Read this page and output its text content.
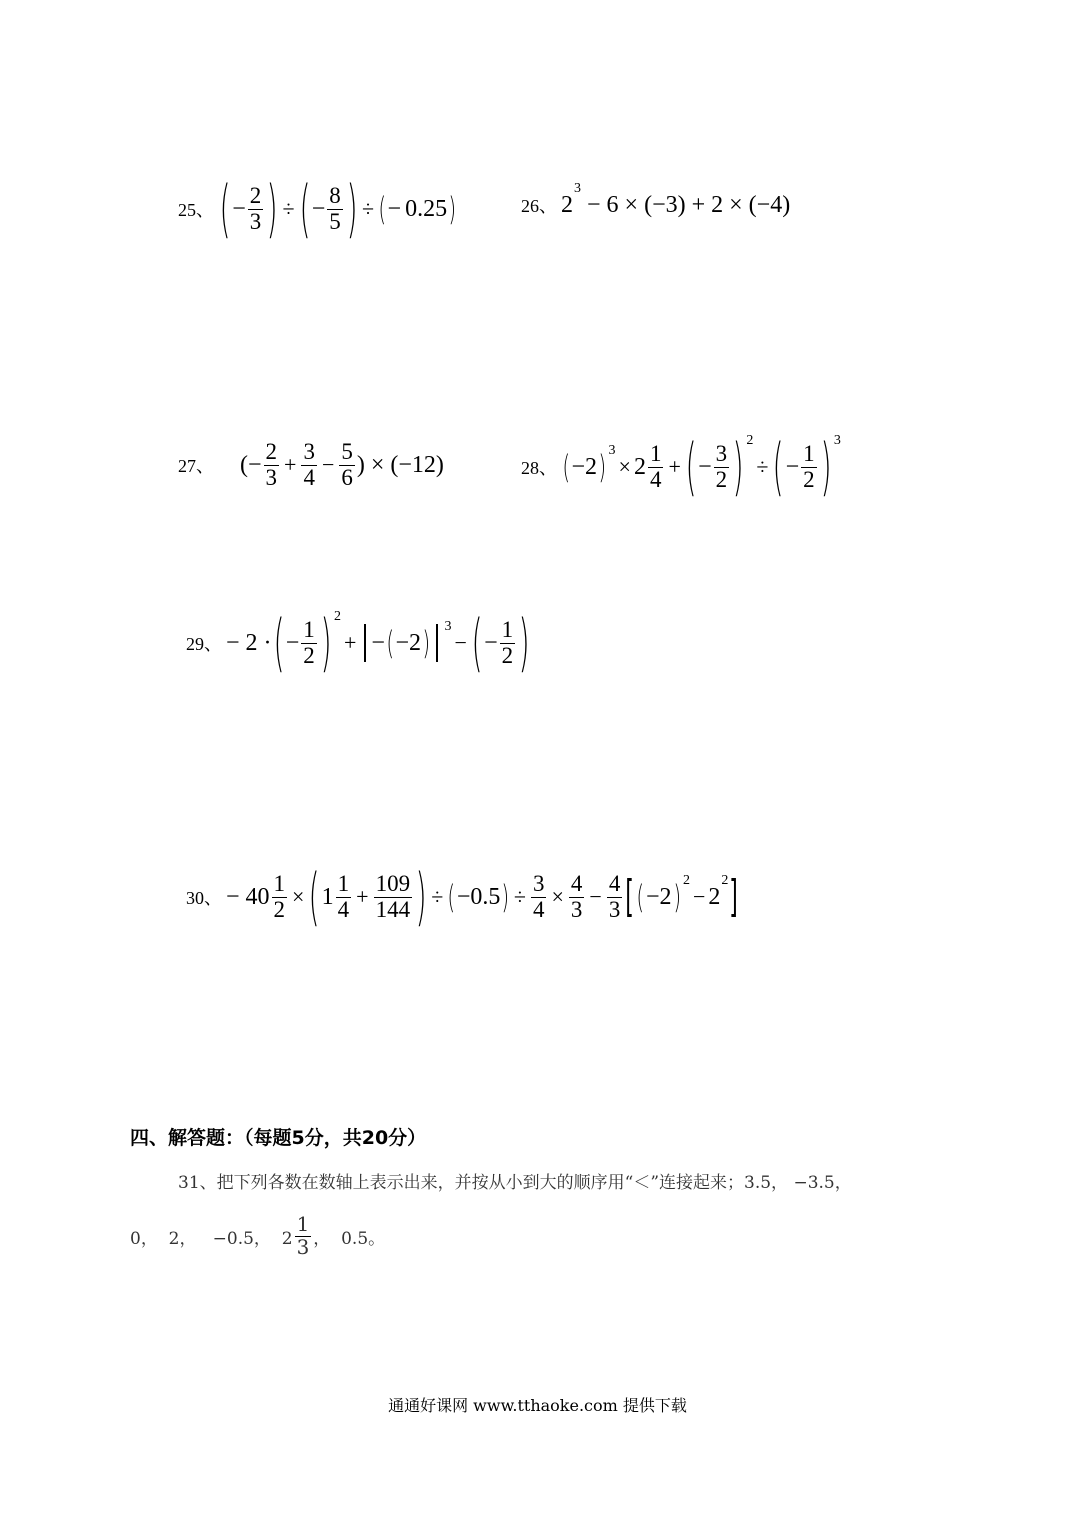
25、 ( − $\frac{2}{3}$ ) ÷ ( − $\frac{8}{5}$ ) ÷ ( − 0.25 )	26、 2
3
− 6 × (−3) + 2 × (−4)
27、 (− $\frac{2}{3} + \frac{3}{4} - \frac{5}{6}$ ) × (−12)	28、 ( −2 ) 3
× $2 \frac{1}{4}$ + ( − $\frac{3}{2}$ ) 2
÷ ( − $\frac{1}{2}$ ) 3
29、 − 2 · ( − $\frac{1}{2}$ ) 2
+ − ( −2 ) 3
− ( − $\frac{1}{2}$ )
30、 − $40 \frac{1}{2}$ × ( $1 \frac{1}{4} + \frac{109}{144}$ ) ÷ ( −0.5 ) ÷ $\frac{3}{4} \times \frac{4}{3} - \frac{4}{3}$ [ ( −2 ) 2
− 2
2 ]
四、解答题：（每题5分，共20分）
31、把下列各数在数轴上表示出来，并按从小到大的顺序用“＜”连接起来；3.5， −3.5，
0，  2，   −0.5，  $2 \frac{1}{3}$ ，  0.5。
通通好课网 www.tthaoke.com 提供下载
